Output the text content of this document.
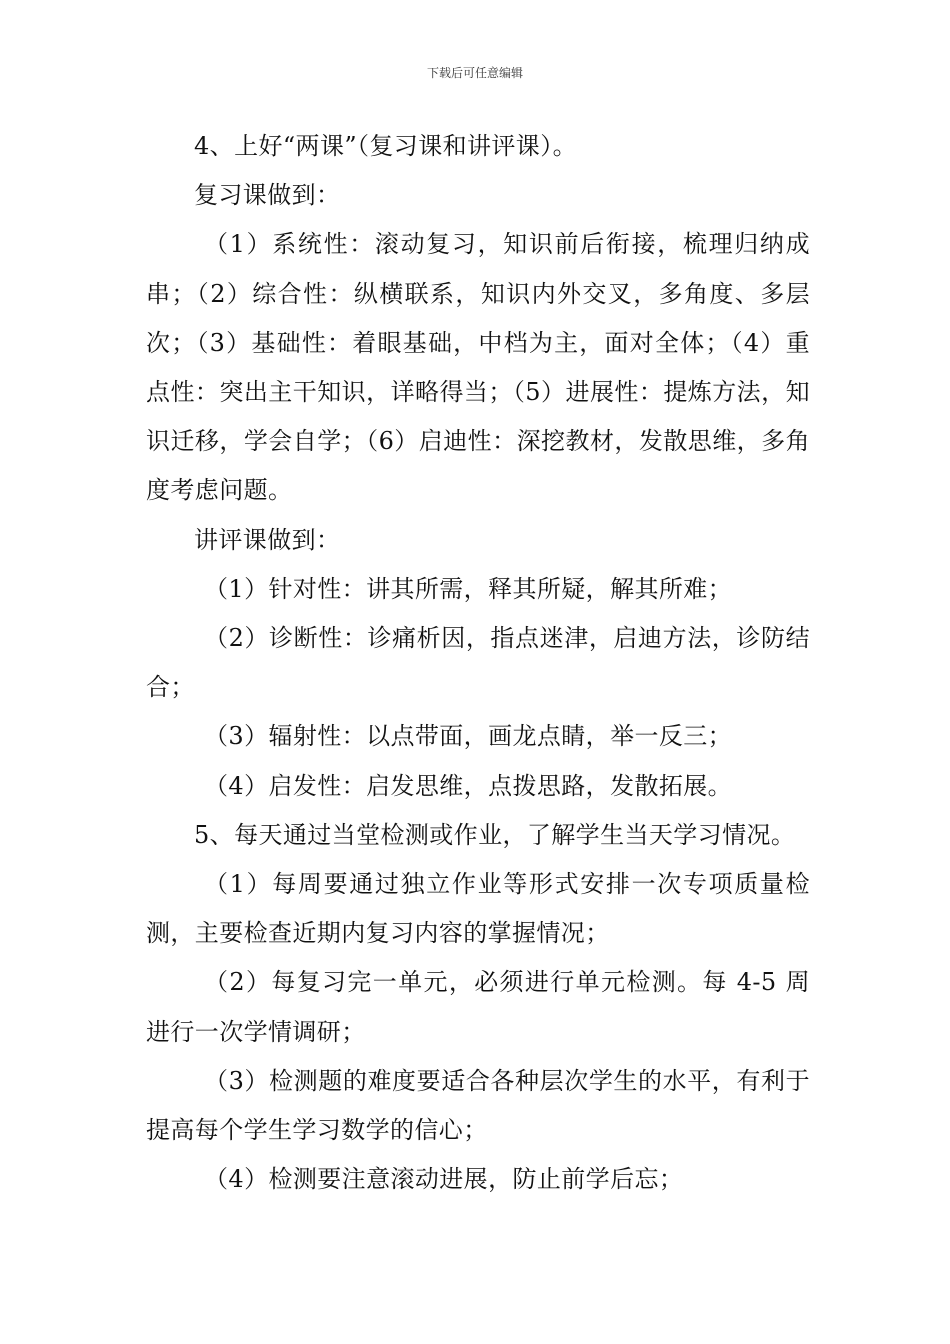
下载后可任意编辑

4、上好“两课”（复习课和讲评课）。

复习课做到：

（1）系统性：滚动复习，知识前后衔接，梳理归纳成串；（2）综合性：纵横联系，知识内外交叉，多角度、多层次；（3）基础性：着眼基础，中档为主，面对全体；（4）重点性：突出主干知识，详略得当；（5）进展性：提炼方法，知识迁移，学会自学；（6）启迪性：深挖教材，发散思维，多角度考虑问题。

讲评课做到：

（1）针对性：讲其所需，释其所疑，解其所难；

（2）诊断性：诊痛析因，指点迷津，启迪方法，诊防结合；

（3）辐射性：以点带面，画龙点睛，举一反三；

（4）启发性：启发思维，点拨思路，发散拓展。

5、每天通过当堂检测或作业，了解学生当天学习情况。

（1）每周要通过独立作业等形式安排一次专项质量检测，主要检查近期内复习内容的掌握情况；

（2）每复习完一单元，必须进行单元检测。每 4-5 周进行一次学情调研；

（3）检测题的难度要适合各种层次学生的水平，有利于提高每个学生学习数学的信心；

（4）检测要注意滚动进展，防止前学后忘；
